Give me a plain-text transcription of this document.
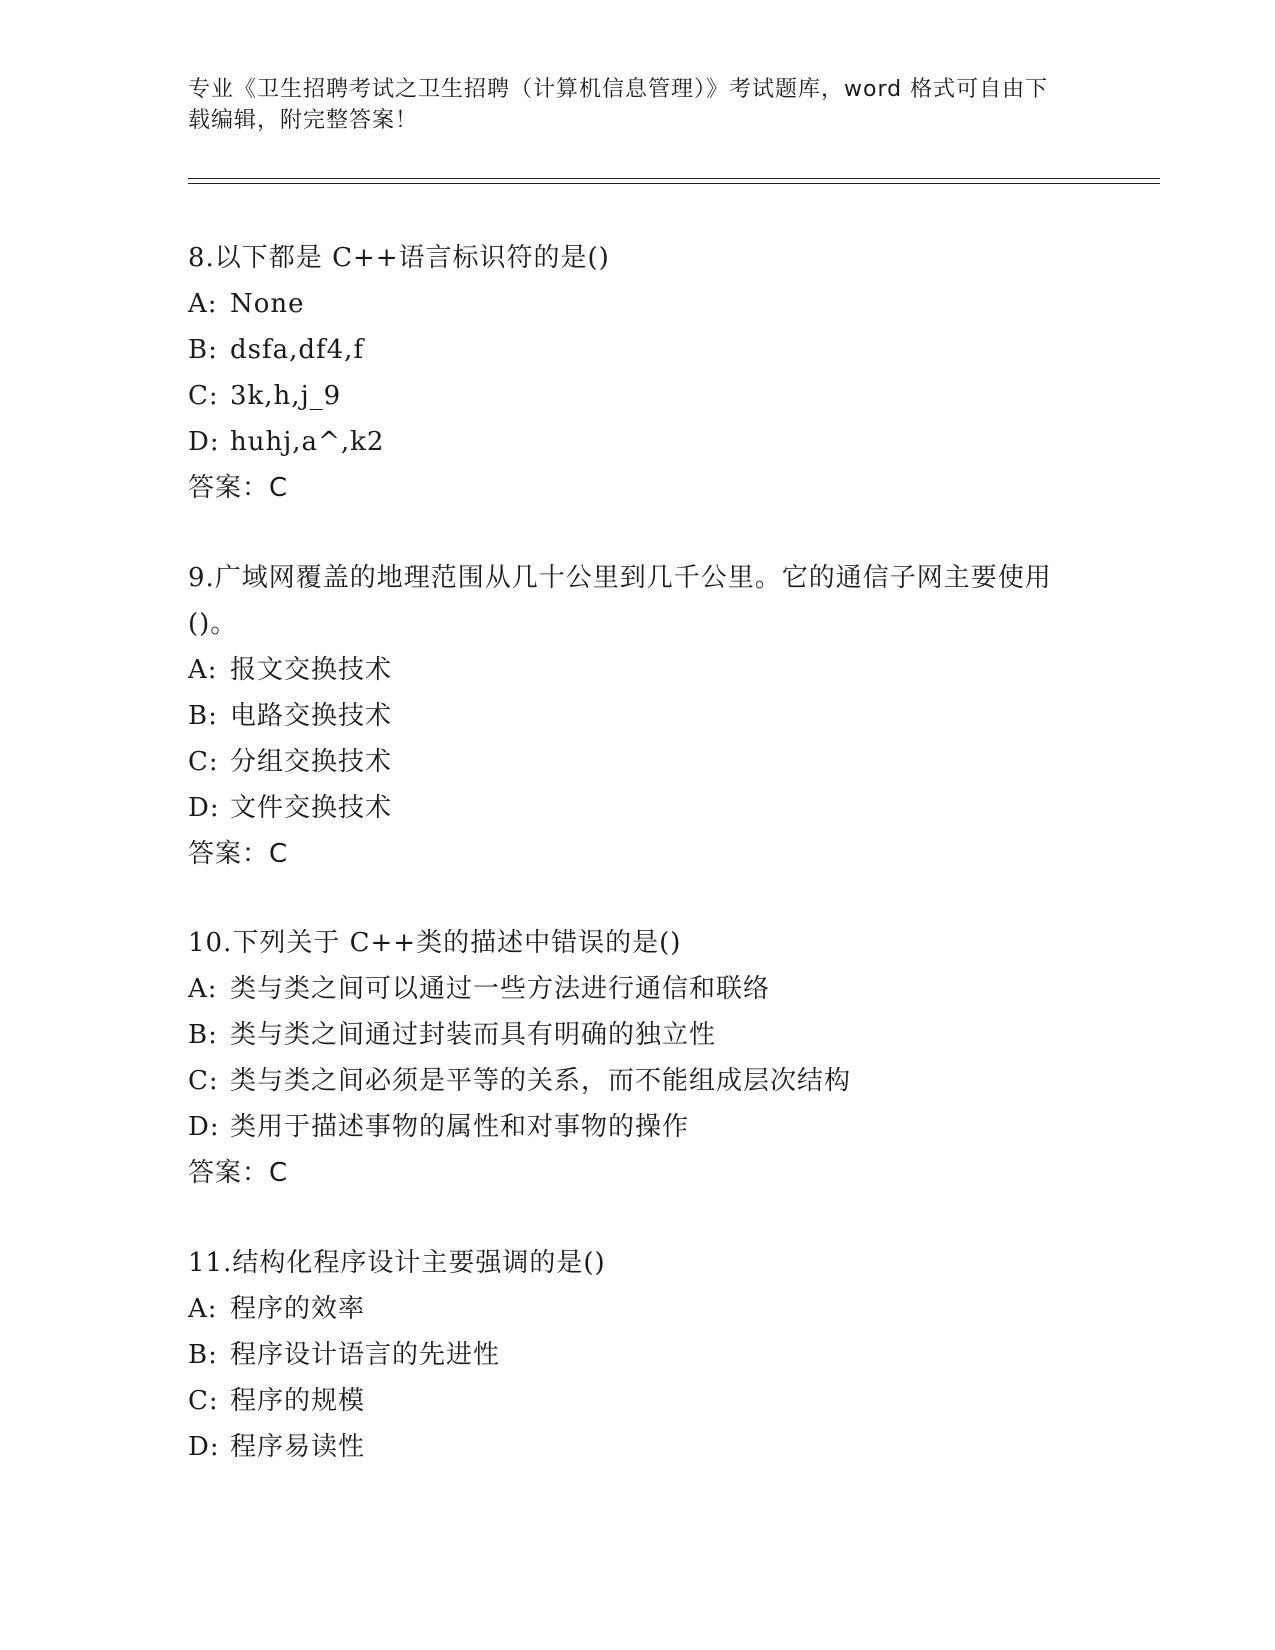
专业《卫生招聘考试之卫生招聘（计算机信息管理）》考试题库，word 格式可自由下载编辑，附完整答案！
8.以下都是 C++语言标识符的是()
A: None
B: dsfa,df4,f
C: 3k,h,j_9
D: huhj,a^,k2
答案：C
9.广域网覆盖的地理范围从几十公里到几千公里。它的通信子网主要使用()。
A: 报文交换技术
B: 电路交换技术
C: 分组交换技术
D: 文件交换技术
答案：C
10.下列关于 C++类的描述中错误的是()
A: 类与类之间可以通过一些方法进行通信和联络
B: 类与类之间通过封装而具有明确的独立性
C: 类与类之间必须是平等的关系，而不能组成层次结构
D: 类用于描述事物的属性和对事物的操作
答案：C
11.结构化程序设计主要强调的是()
A: 程序的效率
B: 程序设计语言的先进性
C: 程序的规模
D: 程序易读性
